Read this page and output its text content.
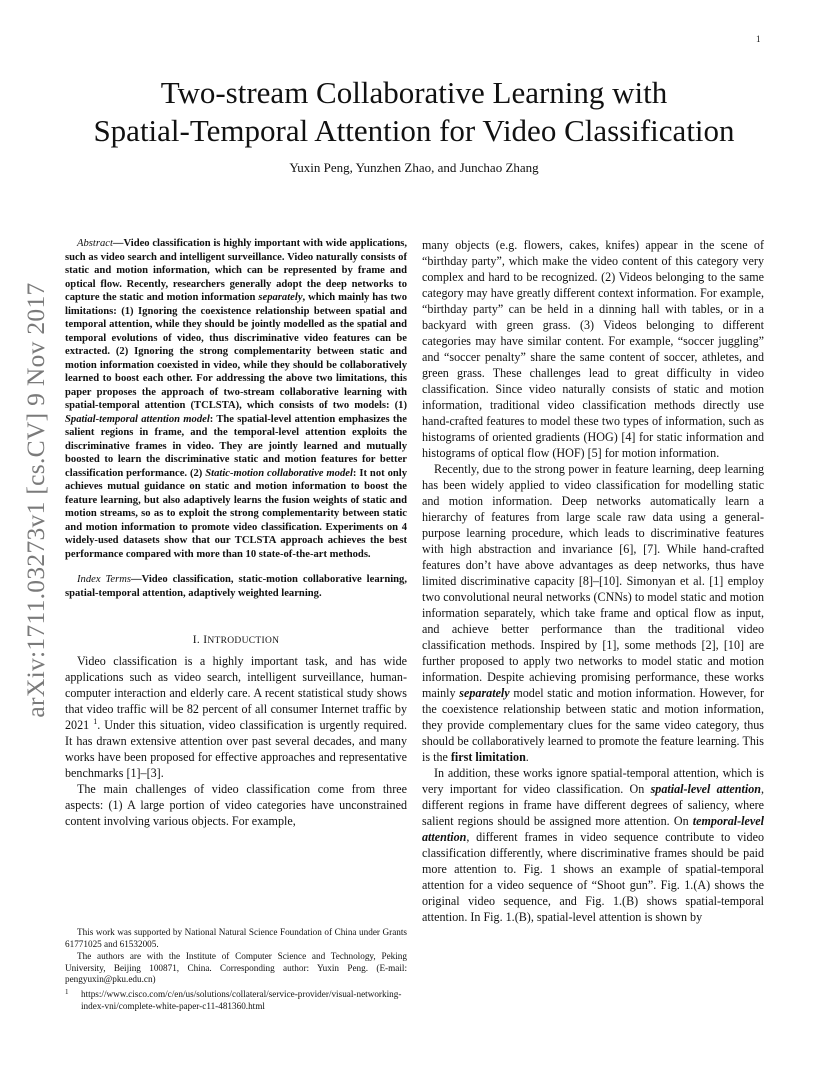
1
arXiv:1711.03273v1 [cs.CV] 9 Nov 2017
Two-stream Collaborative Learning with
Spatial-Temporal Attention for Video Classification
Yuxin Peng, Yunzhen Zhao, and Junchao Zhang

Abstract—Video classification is highly important with wide applications, such as video search and intelligent surveillance. Video naturally consists of static and motion information, which can be represented by frame and optical flow. Recently, researchers generally adopt the deep networks to capture the static and motion information separately, which mainly has two limitations: (1) Ignoring the coexistence relationship between spatial and temporal attention, while they should be jointly modelled as the spatial and temporal evolutions of video, thus discriminative video features can be extracted. (2) Ignoring the strong complementarity between static and motion information coexisted in video, while they should be collaboratively learned to boost each other. For addressing the above two limitations, this paper proposes the approach of two-stream collaborative learning with spatial-temporal attention (TCLSTA), which consists of two models: (1) Spatial-temporal attention model: The spatial-level attention emphasizes the salient regions in frame, and the temporal-level attention exploits the discriminative frames in video. They are jointly learned and mutually boosted to learn the discriminative static and motion features for better classification performance. (2) Static-motion collaborative model: It not only achieves mutual guidance on static and motion information to boost the feature learning, but also adaptively learns the fusion weights of static and motion streams, so as to exploit the strong complementarity between static and motion information to promote video classification. Experiments on 4 widely-used datasets show that our TCLSTA approach achieves the best performance compared with more than 10 state-of-the-art methods.

Index Terms—Video classification, static-motion collaborative learning, spatial-temporal attention, adaptively weighted learning.

I. INTRODUCTION

Video classification is a highly important task, and has wide applications such as video search, intelligent surveillance, human-computer interaction and elderly care. A recent statistical study shows that video traffic will be 82 percent of all consumer Internet traffic by 2021 $^1$. Under this situation, video classification is urgently required. It has drawn extensive attention over past several decades, and many works have been proposed for effective approaches and representative benchmarks [1]–[3].

The main challenges of video classification come from three aspects: (1) A large portion of video categories have unconstrained content involving various objects. For example,

This work was supported by National Natural Science Foundation of China under Grants 61771025 and 61532005.

The authors are with the Institute of Computer Science and Technology, Peking University, Beijing 100871, China. Corresponding author: Yuxin Peng. (E-mail: pengyuxin@pku.edu.cn)

1 https://www.cisco.com/c/en/us/solutions/collateral/service-provider/visual-networking-index-vni/complete-white-paper-c11-481360.html

many objects (e.g. flowers, cakes, knifes) appear in the scene of “birthday party”, which make the video content of this category very complex and hard to be recognized. (2) Videos belonging to the same category may have greatly different context information. For example, “birthday party” can be held in a dinning hall with tables, or in a backyard with green grass. (3) Videos belonging to different categories may have similar content. For example, “soccer juggling” and “soccer penalty” share the same content of soccer, athletes, and green grass. These challenges lead to great difficulty in video classification. Since video naturally consists of static and motion information, traditional video classification methods directly use hand-crafted features to model these two types of information, such as histograms of oriented gradients (HOG) [4] for static information and histograms of optical flow (HOF) [5] for motion information.

Recently, due to the strong power in feature learning, deep learning has been widely applied to video classification for modelling static and motion information. Deep networks automatically learn a hierarchy of features from large scale raw data using a general-purpose learning procedure, which leads to discriminative features with high abstraction and invariance [6], [7]. While hand-crafted features don’t have above advantages as deep networks, thus have limited discriminative capacity [8]–[10]. Simonyan et al. [1] employ two convolutional neural networks (CNNs) to model static and motion information separately, which take frame and optical flow as input, and achieve better performance than the traditional video classification methods. Inspired by [1], some methods [2], [10] are further proposed to apply two networks to model static and motion information. Despite achieving promising performance, these works mainly separately model static and motion information. However, for the coexistence relationship between static and motion information, they provide complementary clues for the same video category, thus should be collaboratively learned to promote the feature learning. This is the first limitation.

In addition, these works ignore spatial-temporal attention, which is very important for video classification. On spatial-level attention, different regions in frame have different degrees of saliency, where salient regions should be assigned more attention. On temporal-level attention, different frames in video sequence contribute to video classification differently, where discriminative frames should be paid more attention to. Fig. 1 shows an example of spatial-temporal attention for a video sequence of “Shoot gun”. Fig. 1.(A) shows the original video sequence, and Fig. 1.(B) shows spatial-temporal attention. In Fig. 1.(B), spatial-level attention is shown by
